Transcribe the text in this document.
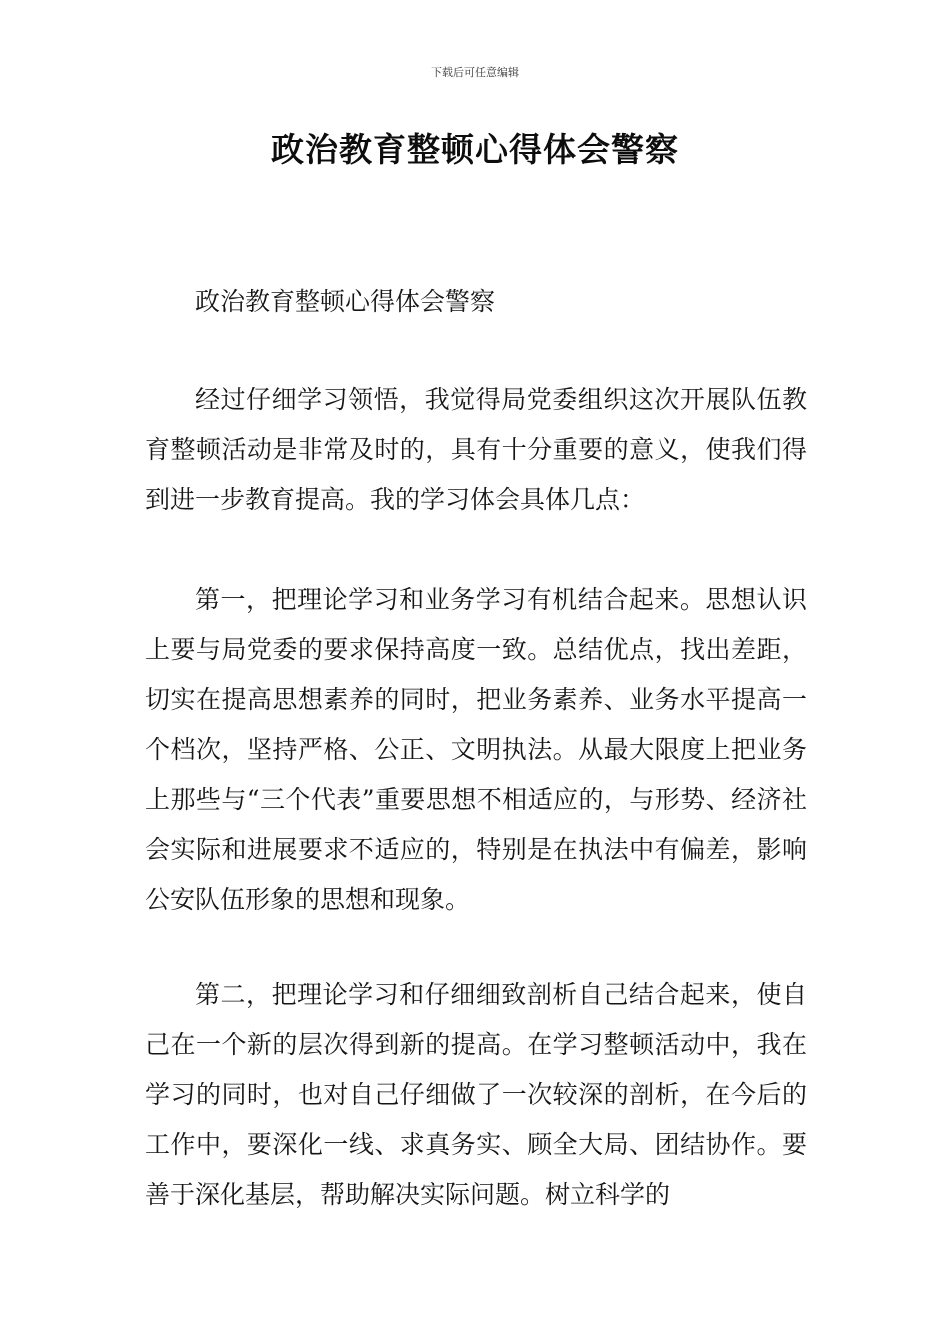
下载后可任意编辑
政治教育整顿心得体会警察

政治教育整顿心得体会警察

经过仔细学习领悟，我觉得局党委组织这次开展队伍教育整顿活动是非常及时的，具有十分重要的意义，使我们得到进一步教育提高。我的学习体会具体几点：

第一，把理论学习和业务学习有机结合起来。思想认识上要与局党委的要求保持高度一致。总结优点，找出差距，切实在提高思想素养的同时，把业务素养、业务水平提高一个档次，坚持严格、公正、文明执法。从最大限度上把业务上那些与“三个代表”重要思想不相适应的，与形势、经济社会实际和进展要求不适应的，特别是在执法中有偏差，影响公安队伍形象的思想和现象。

第二，把理论学习和仔细细致剖析自己结合起来，使自己在一个新的层次得到新的提高。在学习整顿活动中，我在学习的同时，也对自己仔细做了一次较深的剖析，在今后的工作中，要深化一线、求真务实、顾全大局、团结协作。要善于深化基层，帮助解决实际问题。树立科学的
